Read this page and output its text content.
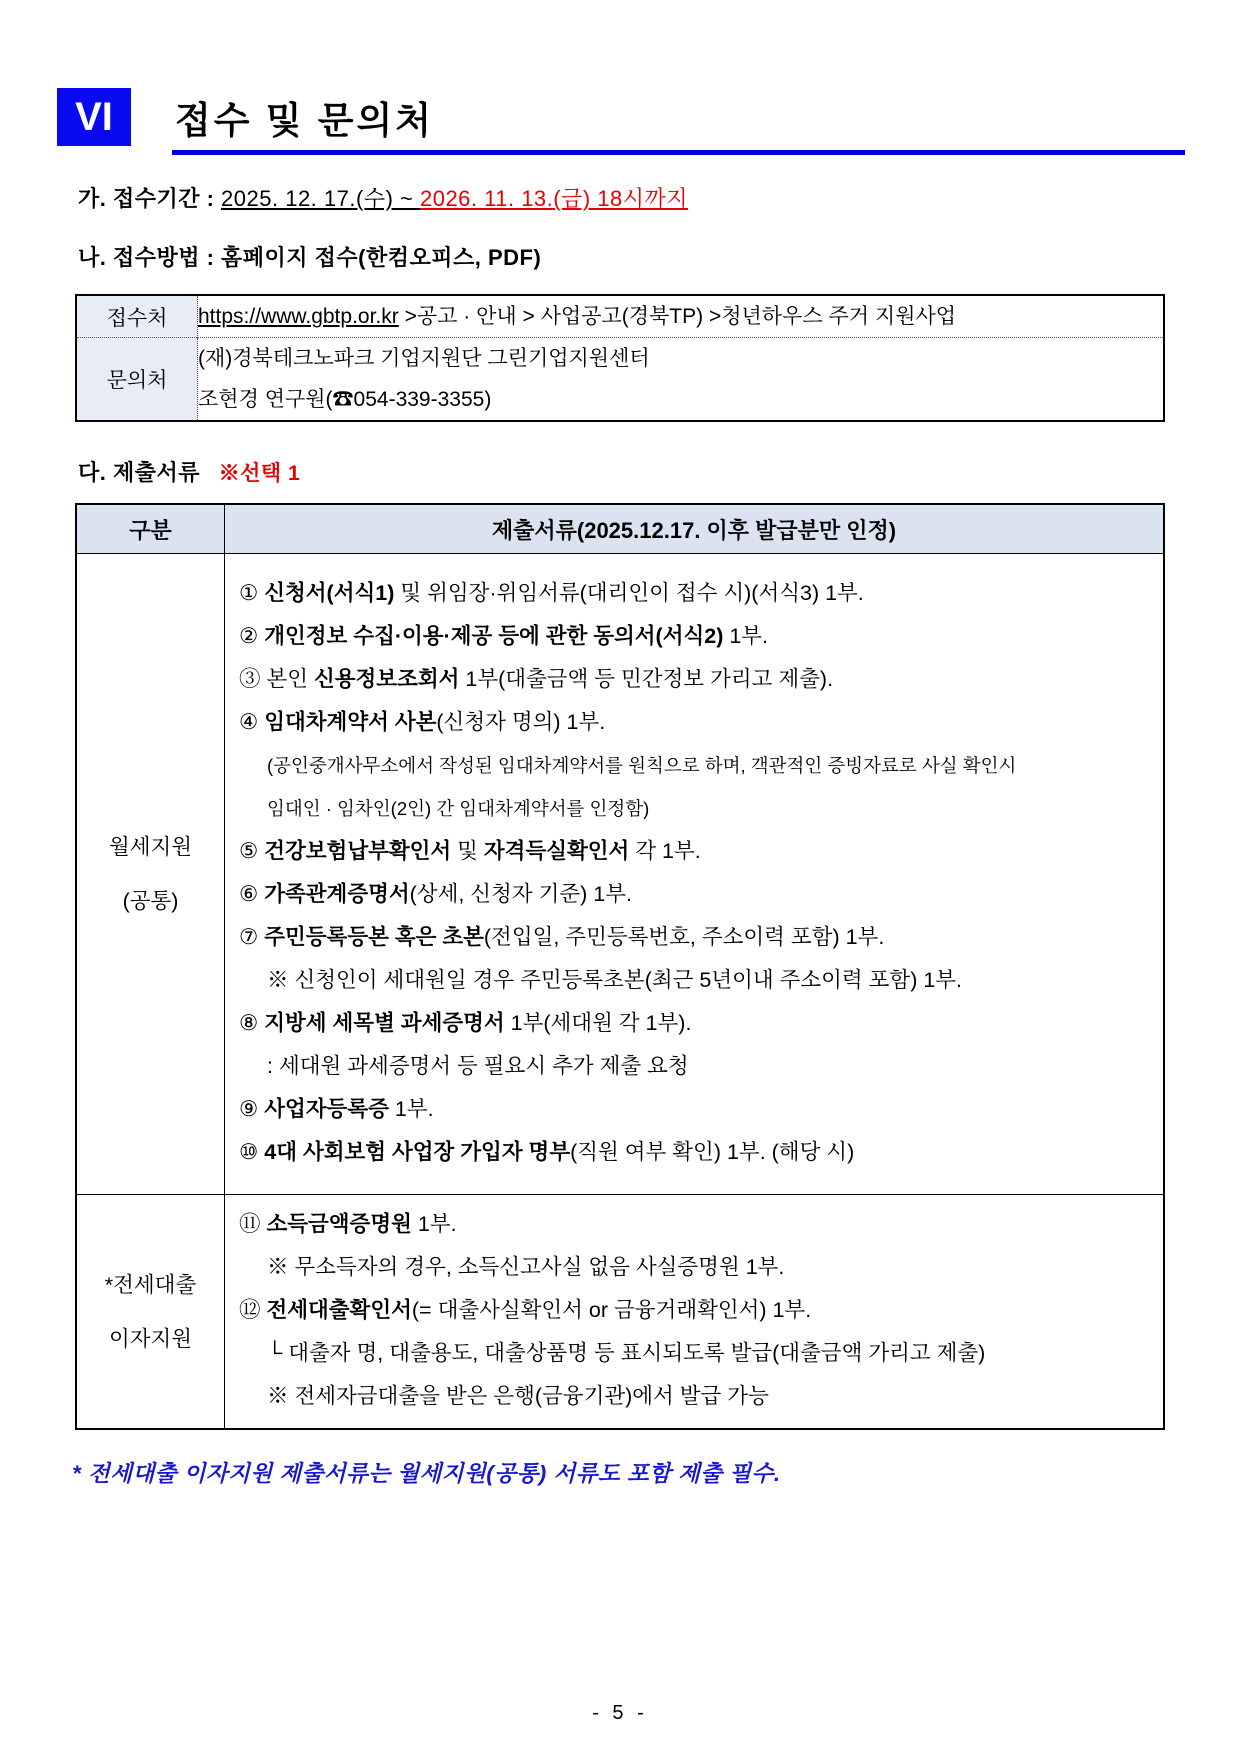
VI	접수 및 문의처
가. 접수기간 : 2025. 12. 17.(수) ~ 2026. 11. 13.(금) 18시까지
나. 접수방법 : 홈페이지 접수(한컴오피스, PDF)
접수처	https://www.gbtp.or.kr >공고 · 안내 > 사업공고(경북TP) >청년하우스 주거 지원사업

문의처	(재)경북테크노파크 기업지원단 그린기업지원센터
조현경 연구원(☎054-339-3355)
다. 제출서류 ※선택 1
구분	제출서류(2025.12.17. 이후 발급분만 인정)

월세지원
(공통)

① 신청서(서식1) 및 위임장·위임서류(대리인이 접수 시)(서식3) 1부.
② 개인정보 수집·이용·제공 등에 관한 동의서(서식2) 1부.
③ 본인 신용정보조회서 1부(대출금액 등 민간정보 가리고 제출).
④ 임대차계약서 사본(신청자 명의) 1부.
(공인중개사무소에서 작성된 임대차계약서를 원칙으로 하며, 객관적인 증빙자료로 사실 확인시
임대인 · 임차인(2인) 간 임대차계약서를 인정함)
⑤ 건강보험납부확인서 및 자격득실확인서 각 1부.
⑥ 가족관계증명서(상세, 신청자 기준) 1부.
⑦ 주민등록등본 혹은 초본(전입일, 주민등록번호, 주소이력 포함) 1부.
※ 신청인이 세대원일 경우 주민등록초본(최근 5년이내 주소이력 포함) 1부.
⑧ 지방세 세목별 과세증명서 1부(세대원 각 1부).
: 세대원 과세증명서 등 필요시 추가 제출 요청
⑨ 사업자등록증 1부.
⑩ 4대 사회보험 사업장 가입자 명부(직원 여부 확인) 1부. (해당 시)

*전세대출
이자지원

⑪ 소득금액증명원 1부.
※ 무소득자의 경우, 소득신고사실 없음 사실증명원 1부.
⑫ 전세대출확인서(= 대출사실확인서 or 금융거래확인서) 1부.
└ 대출자 명, 대출용도, 대출상품명 등 표시되도록 발급(대출금액 가리고 제출)
※ 전세자금대출을 받은 은행(금융기관)에서 발급 가능
* 전세대출 이자지원 제출서류는 월세지원(공통) 서류도 포함 제출 필수.
- 5 -
